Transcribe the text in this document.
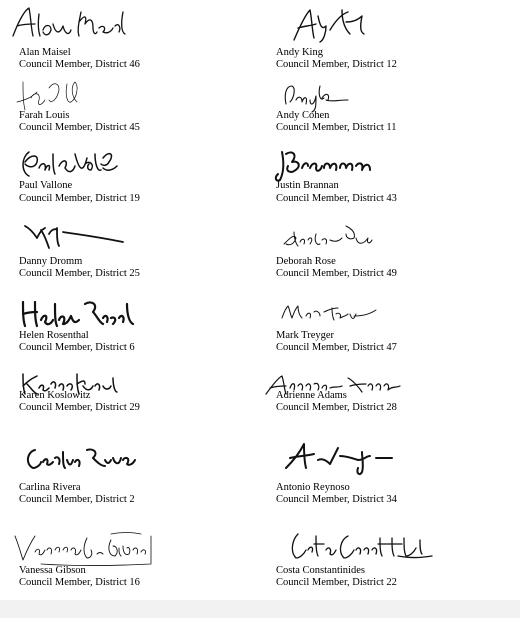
Alan Maisel
Council Member, District 46
Andy King
Council Member, District 12
Farah Louis
Council Member, District 45
Andy Cohen
Council Member, District 11
Paul Vallone
Council Member, District 19
Justin Brannan
Council Member, District 43
Danny Dromm
Council Member, District 25
Deborah Rose
Council Member, District 49
Helen Rosenthal
Council Member, District 6
Mark Treyger
Council Member, District 47
Karen Koslowitz
Council Member, District 29
Adrienne Adams
Council Member, District 28
Carlina Rivera
Council Member, District 2
Antonio Reynoso
Council Member, District 34
Vanessa Gibson
Council Member, District 16
Costa Constantinides
Council Member, District 22
